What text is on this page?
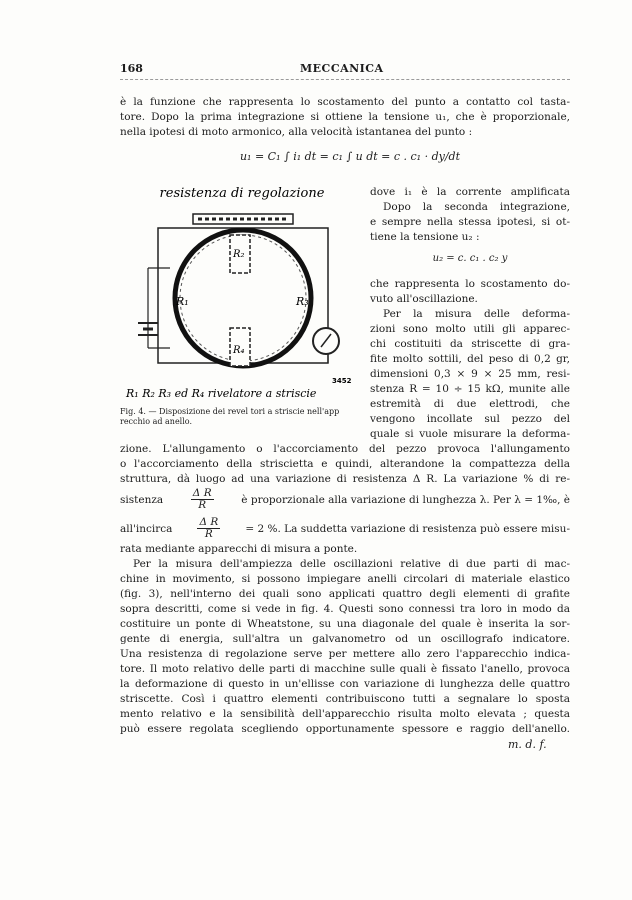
168	MECCANICA
è la funzione che rappresenta lo scostamento del punto a contatto col tasta-
tore. Dopo la prima integrazione si ottiene la tensione u₁, che è proporzionale,
nella ipotesi di moto armonico, alla velocità istantanea del punto :
u₁ = C₁ ∫ i₁ dt = c₁ ∫ u dt = c . c₁ · dy/dt
R₂
R₁	R₃
R₄
resistenza di regolazione
3452
R₁ R₂ R₃ ed R₄ rivelatore a striscie
Fig. 4. — Disposizione dei revel tori a striscie nell'app recchio ad anello.
dove i₁ è la corrente amplificata
Dopo la seconda integrazione,
e sempre nella stessa ipotesi, si ot-
tiene la tensione u₂ :
u₂ = c. c₁ . c₂ y
che rappresenta lo scostamento do-
vuto all'oscillazione.
Per la misura delle deforma-
zioni sono molto utili gli apparec-
chi costituiti da striscette di gra-
fite molto sottili, del peso di 0,2 gr,
dimensioni 0,3 × 9 × 25 mm, resi-
stenza R = 10 ÷ 15 kΩ, munite alle
estremità di due elettrodi, che
vengono incollate sul pezzo del
quale si vuole misurare la deforma-
zione. L'allungamento o l'accorciamento del pezzo provoca l'allungamento
o l'accorciamento della striscietta e quindi, alterandone la compattezza della
struttura, dà luogo ad una variazione di resistenza Δ R. La variazione % di re-
sistenza	$\frac{\text{Δ R}}{R}$	è proporzionale alla variazione di lunghezza λ. Per λ = 1‰, è
all'incirca $\frac{\text{Δ R}}{R} = 2$ %. La suddetta variazione di resistenza può essere misu-
rata mediante apparecchi di misura a ponte.
Per la misura dell'ampiezza delle oscillazioni relative di due parti di mac-
chine in movimento, si possono impiegare anelli circolari di materiale elastico
(fig. 3), nell'interno dei quali sono applicati quattro degli elementi di grafite
sopra descritti, come si vede in fig. 4. Questi sono connessi tra loro in modo da
costituire un ponte di Wheatstone, su una diagonale del quale è inserita la sor-
gente di energia, sull'altra un galvanometro od un oscillografo indicatore.
Una resistenza di regolazione serve per mettere allo zero l'apparecchio indica-
tore. Il moto relativo delle parti di macchine sulle quali è fissato l'anello, provoca
la deformazione di questo in un'ellisse con variazione di lunghezza delle quattro
striscette. Così i quattro elementi contribuiscono tutti a segnalare lo sposta
mento relativo e la sensibilità dell'apparecchio risulta molto elevata ; questa
può essere regolata scegliendo opportunamente spessore e raggio dell'anello.
m. d. f.
